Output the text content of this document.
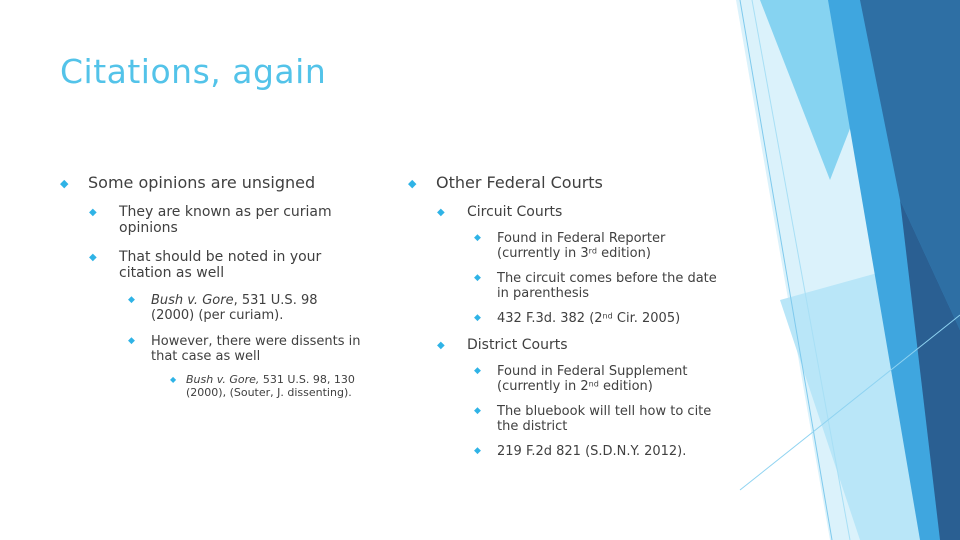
Citations, again
◆	Some opinions are unsigned
◆	They are known as per curiam opinions
◆	That should be noted in your citation as well
◆	Bush v. Gore, 531 U.S. 98 (2000) (per curiam).
◆	However, there were dissents in that case as well
◆ Bush v. Gore, 531 U.S. 98, 130 (2000), (Souter, J. dissenting).
◆	Other Federal Courts
◆	Circuit Courts
◆	Found in Federal Reporter (currently in 3rd edition)
◆	The circuit comes before the date in parenthesis
◆	432 F.3d. 382 (2nd Cir. 2005)
◆	District Courts
◆	Found in Federal Supplement (currently in 2nd edition)
◆	The bluebook will tell how to cite the district
◆	219 F.2d 821 (S.D.N.Y. 2012).
